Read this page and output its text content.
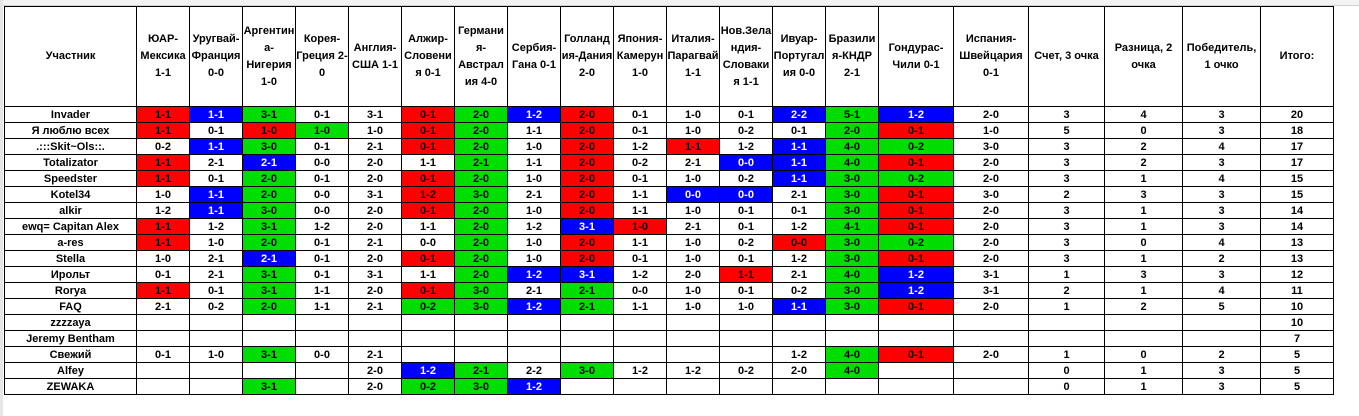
Участник	ЮАР-Мексика 1-1	Уругвай-Франция 0-0	Аргентина-Нигерия 1-0	Корея-Греция 2-0	Англия-США 1-1	Алжир-Словения 0-1	Германия-Австралия 4-0	Сербия-Гана 0-1	Голландия-Дания 2-0	Япония-Камерун 1-0	Италия-Парагвай 1-1	Нов.Зеландия-Словакия 1-1	Ивуар-Португалия 0-0	Бразилия-КНДР 2-1	Гондурас-Чили 0-1	Испания-Швейцария 0-1	Счет, 3 очка	Разница, 2 очка	Победитель, 1 очко	Итого:
Invader	1-1	1-1	3-1	0-1	3-1	0-1	2-0	1-2	2-0	0-1	1-0	0-1	2-2	5-1	1-2	2-0	3	4	3	20
Я люблю всех	1-1	0-1	1-0	1-0	1-0	0-1	2-0	1-1	2-0	0-1	1-0	0-2	0-1	2-0	0-1	1-0	5	0	3	18
.:::Skit~Ols::.	0-2	1-1	3-0	0-1	2-1	0-1	2-0	1-0	2-0	1-2	1-1	1-2	1-1	4-0	0-2	3-0	3	2	4	17
Totalizator	1-1	2-1	2-1	0-0	2-0	1-1	2-1	1-1	2-0	0-2	2-1	0-0	1-1	4-0	0-1	2-0	3	2	3	17
Speedster	1-1	0-1	2-0	0-1	2-0	0-1	2-0	1-0	2-0	0-1	1-0	0-2	1-1	3-0	0-2	2-0	3	1	4	15
Kotel34	1-0	1-1	2-0	0-0	3-1	1-2	3-0	2-1	2-0	1-1	0-0	0-0	2-1	3-0	0-1	3-0	2	3	3	15
alkir	1-2	1-1	3-0	0-0	2-0	0-1	2-0	1-0	2-0	1-1	1-0	0-1	0-1	3-0	0-1	2-0	3	1	3	14
ewq= Capitan Alex	1-1	1-2	3-1	1-2	2-0	1-1	2-0	1-2	3-1	1-0	2-1	0-1	1-2	4-1	0-1	2-0	3	1	3	14
a-res	1-1	1-0	2-0	0-1	2-1	0-0	2-0	1-0	2-0	1-1	1-0	0-2	0-0	3-0	0-2	2-0	3	0	4	13
Stella	1-0	2-1	2-1	0-1	2-0	0-1	2-0	1-0	2-0	0-1	1-0	0-1	1-2	3-0	0-1	2-0	3	1	2	13
Ирольт	0-1	2-1	3-1	0-1	3-1	1-1	2-0	1-2	3-1	1-2	2-0	1-1	2-1	4-0	1-2	3-1	1	3	3	12
Rorya	1-1	0-1	3-1	1-1	2-0	0-1	3-0	2-1	2-1	0-0	1-0	0-1	0-2	3-0	1-2	3-1	2	1	4	11
FAQ	2-1	0-2	2-0	1-1	2-1	0-2	3-0	1-2	2-1	1-1	1-0	1-0	1-1	3-0	0-1	2-0	1	2	5	10
zzzzaya																				10
Jeremy Bentham																				7
Свежий	0-1	1-0	3-1	0-0	2-1								1-2	4-0	0-1	2-0	1	0	2	5
Alfey					2-0	1-2	2-1	2-2	3-0	1-2	1-2	0-2	2-0	4-0			0	1	3	5
ZEWAKA			3-1		2-0	0-2	3-0	1-2									0	1	3	5
